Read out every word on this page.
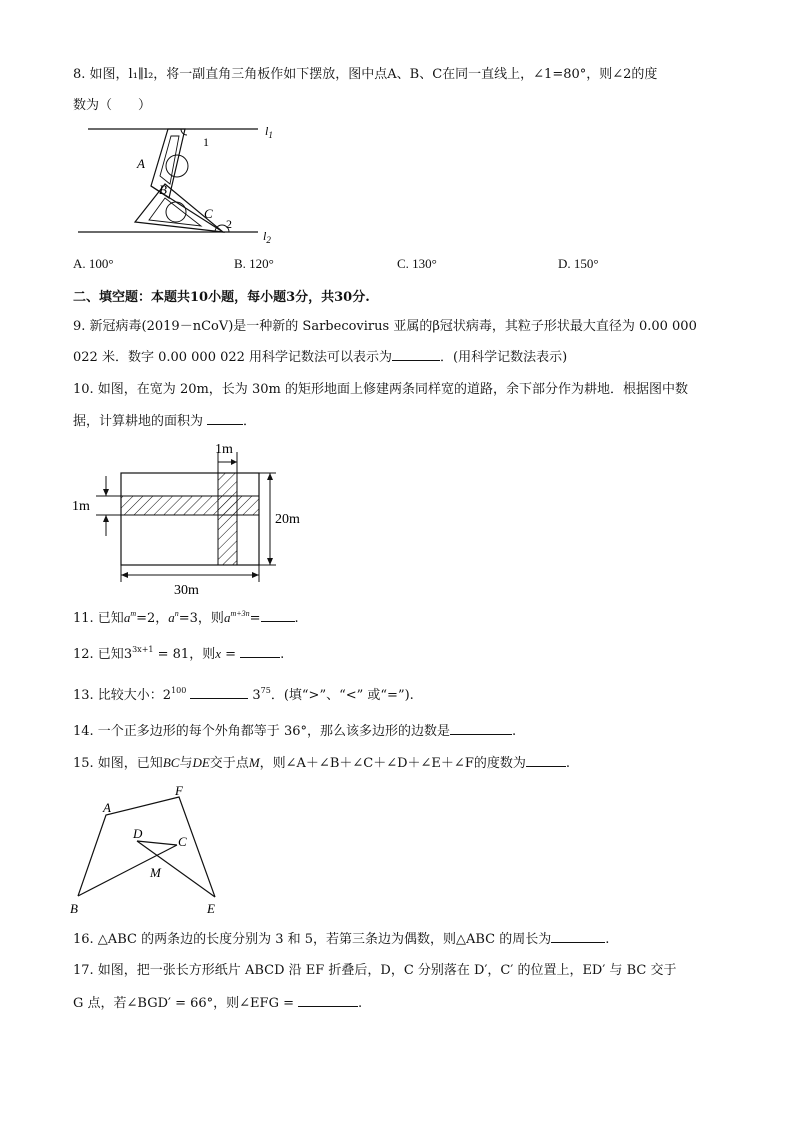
8. 如图，l₁∥l₂，将一副直角三角板作如下摆放，图中点A、B、C在同一直线上，∠1=80°，则∠2的度
数为（　　）
$l_1$
$l_2$
A
B
C
1
2
A. 100°	B. 120°	C. 130°	D. 150°
二、填空题：本题共10小题，每小题3分，共30分.
9. 新冠病毒(2019－nCoV)是一种新的 Sarbecovirus 亚属的β冠状病毒，其粒子形状最大直径为 0.00 000
022 米．数字 0.00 000 022 用科学记数法可以表示为	．(用科学记数法表示)
10. 如图，在宽为 20m，长为 30m 的矩形地面上修建两条同样宽的道路，余下部分作为耕地．根据图中数
据，计算耕地的面积为	．
1m
1m
20m
30m
11. 已知$a^m=2$，$a^n=3$，则$a^{m+3n}=$	.
12. 已知$3^{3x+1} = 81$，则x =	.
13. 比较大小：$2^{100}$	$3^{75}$．(填“>”、“<” 或“=”).
14. 一个正多边形的每个外角都等于 36°，那么该多边形的边数是	.
15. 如图，已知BC与DE交于点M，则∠A＋∠B＋∠C＋∠D＋∠E＋∠F的度数为	.
A
F
D
C
M
B	E
16. △ABC 的两条边的长度分别为 3 和 5，若第三条边为偶数，则△ABC 的周长为	.
17. 如图，把一张长方形纸片 ABCD 沿 EF 折叠后，D，C 分别落在 D′，C′ 的位置上，ED′ 与 BC 交于
G 点，若∠BGD′ = 66°，则∠EFG =	.
